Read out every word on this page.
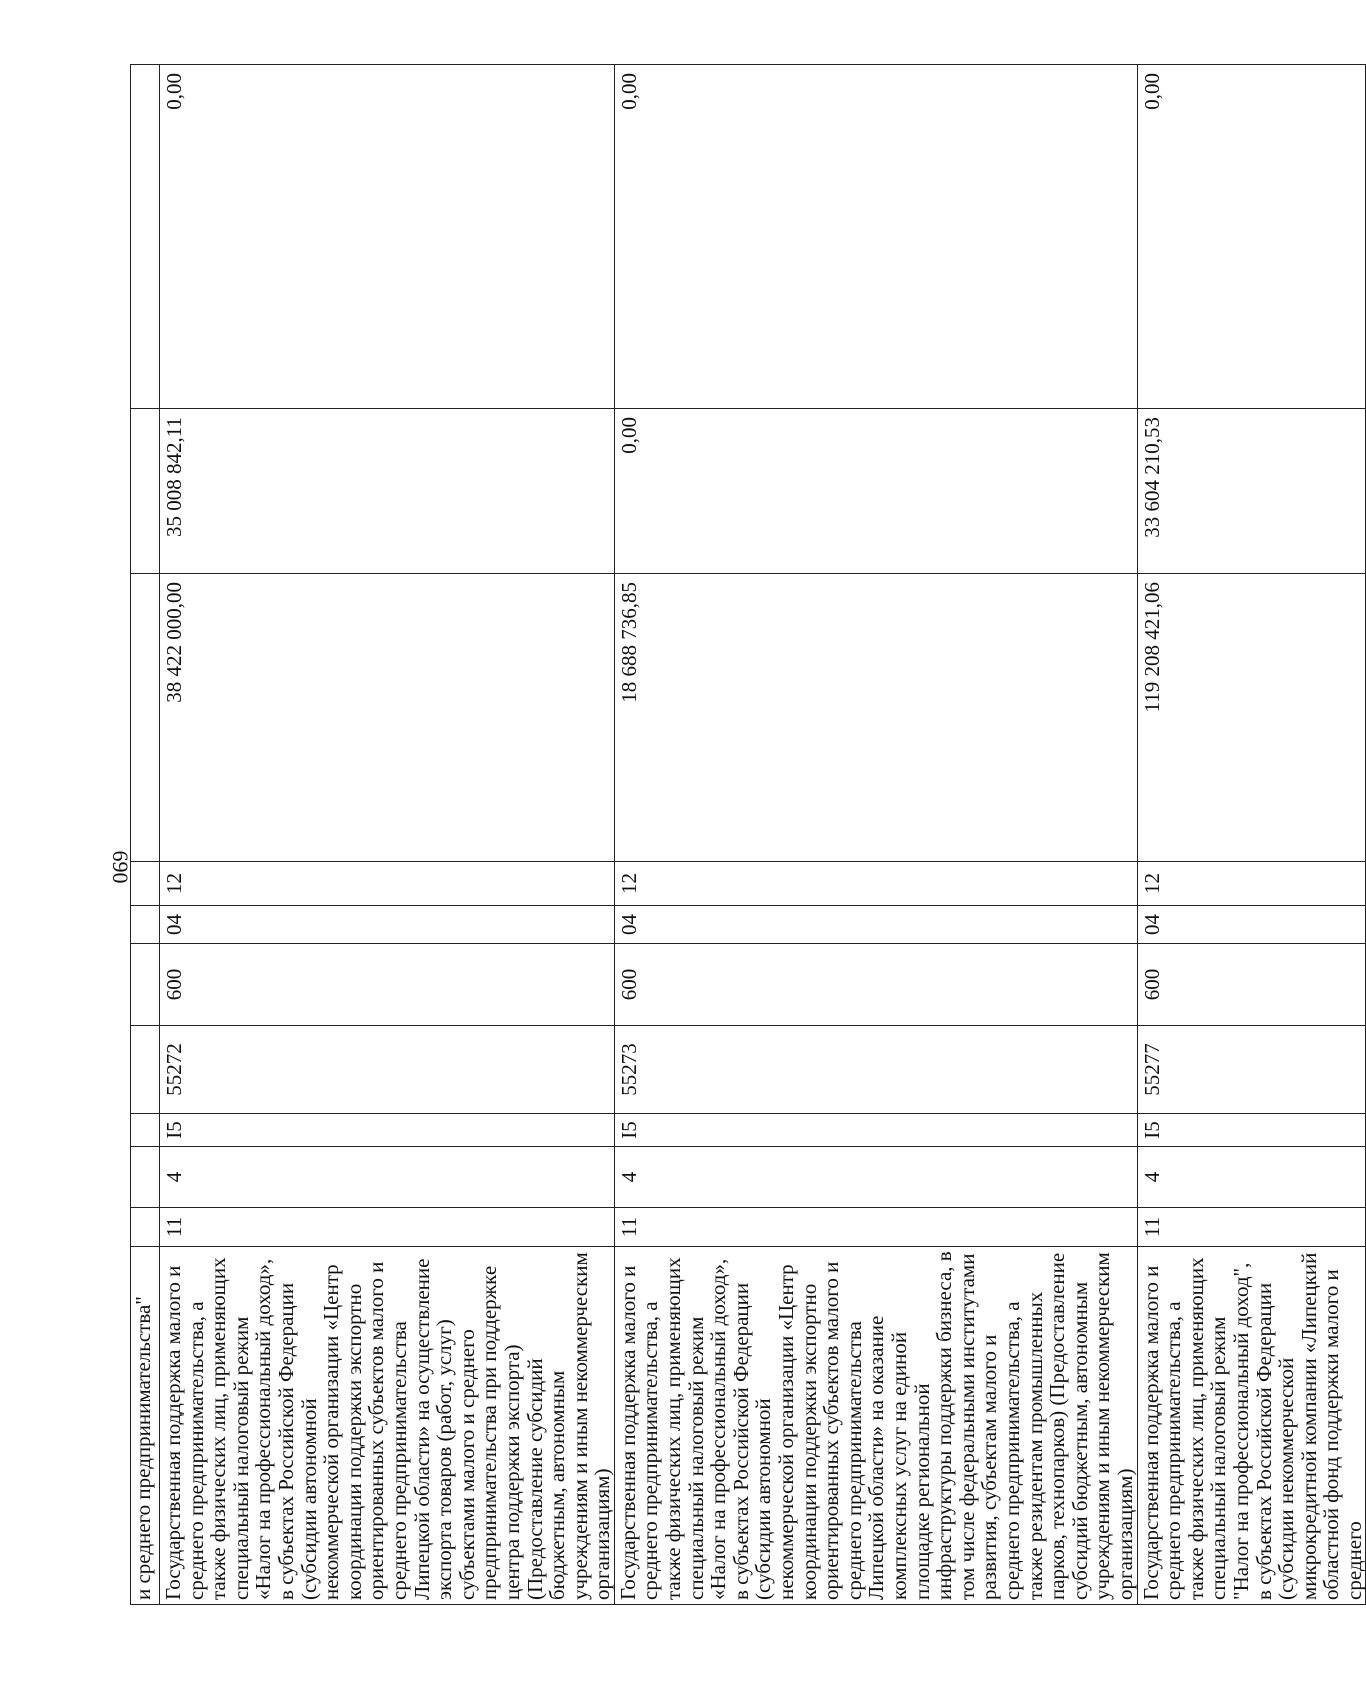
690
и среднего предпринимательства"										
Государственная поддержка малого и среднего предпринимательства, а также физических лиц, применяющих специальный налоговый режим «Налог на профессиональный доход», в субъектах Российской Федерации (субсидии автономной некоммерческой организации «Центр координации поддержки экспортно ориентированных субъектов малого и среднего предпринимательства Липецкой области» на осуществление экспорта товаров (работ, услуг) субъектами малого и среднего предпринимательства при поддержке центра поддержки экспорта) (Предоставление субсидий бюджетным, автономным учреждениям и иным некоммерческим организациям)	11	4	I5	55272	600	04	12	38 422 000,00	35 008 842,11	0,00
Государственная поддержка малого и среднего предпринимательства, а также физических лиц, применяющих специальный налоговый режим «Налог на профессиональный доход», в субъектах Российской Федерации (субсидии автономной некоммерческой организации «Центр координации поддержки экспортно ориентированных субъектов малого и среднего предпринимательства Липецкой области» на оказание комплексных услуг на единой площадке региональной инфраструктуры поддержки бизнеса, в том числе федеральными институтами развития, субъектам малого и среднего предпринимательства, а также резидентам промышленных парков, технопарков) (Предоставление субсидий бюджетным, автономным учреждениям и иным некоммерческим организациям)	11	4	I5	55273	600	04	12	18 688 736,85	0,00	0,00
Государственная поддержка малого и среднего предпринимательства, а также физических лиц, применяющих специальный налоговый режим "Налог на профессиональный доход", в субъектах Российской Федерации (субсидии некоммерческой микрокредитной компании «Липецкий областной фонд поддержки малого и среднего	11	4	I5	55277	600	04	12	119 208 421,06	33 604 210,53	0,00
